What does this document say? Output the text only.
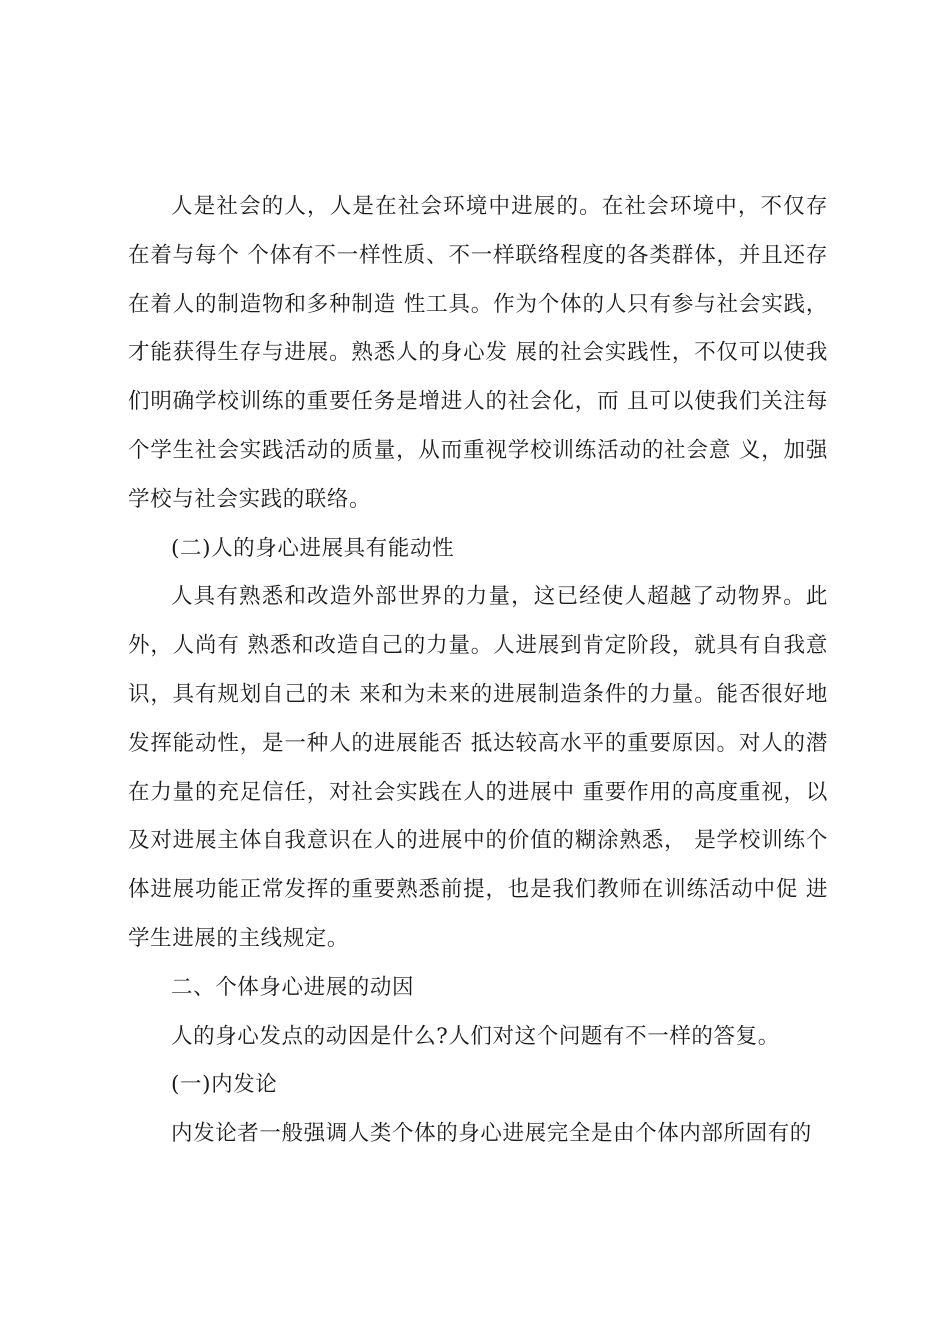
人是社会的人，人是在社会环境中进展的。在社会环境中，不仅存在着与每个 个体有不一样性质、不一样联络程度的各类群体，并且还存在着人的制造物和多种制造 性工具。作为个体的人只有参与社会实践，才能获得生存与进展。熟悉人的身心发 展的社会实践性，不仅可以使我们明确学校训练的重要任务是增进人的社会化，而 且可以使我们关注每个学生社会实践活动的质量，从而重视学校训练活动的社会意 义，加强学校与社会实践的联络。

(二)人的身心进展具有能动性

人具有熟悉和改造外部世界的力量，这已经使人超越了动物界。此外，人尚有 熟悉和改造自己的力量。人进展到肯定阶段，就具有自我意识，具有规划自己的未 来和为未来的进展制造条件的力量。能否很好地发挥能动性，是一种人的进展能否 抵达较高水平的重要原因。对人的潜在力量的充足信任，对社会实践在人的进展中 重要作用的高度重视，以及对进展主体自我意识在人的进展中的价值的糊涂熟悉， 是学校训练个体进展功能正常发挥的重要熟悉前提，也是我们教师在训练活动中促 进学生进展的主线规定。

二、个体身心进展的动因

人的身心发点的动因是什么?人们对这个问题有不一样的答复。

(一)内发论

内发论者一般强调人类个体的身心进展完全是由个体内部所固有的
